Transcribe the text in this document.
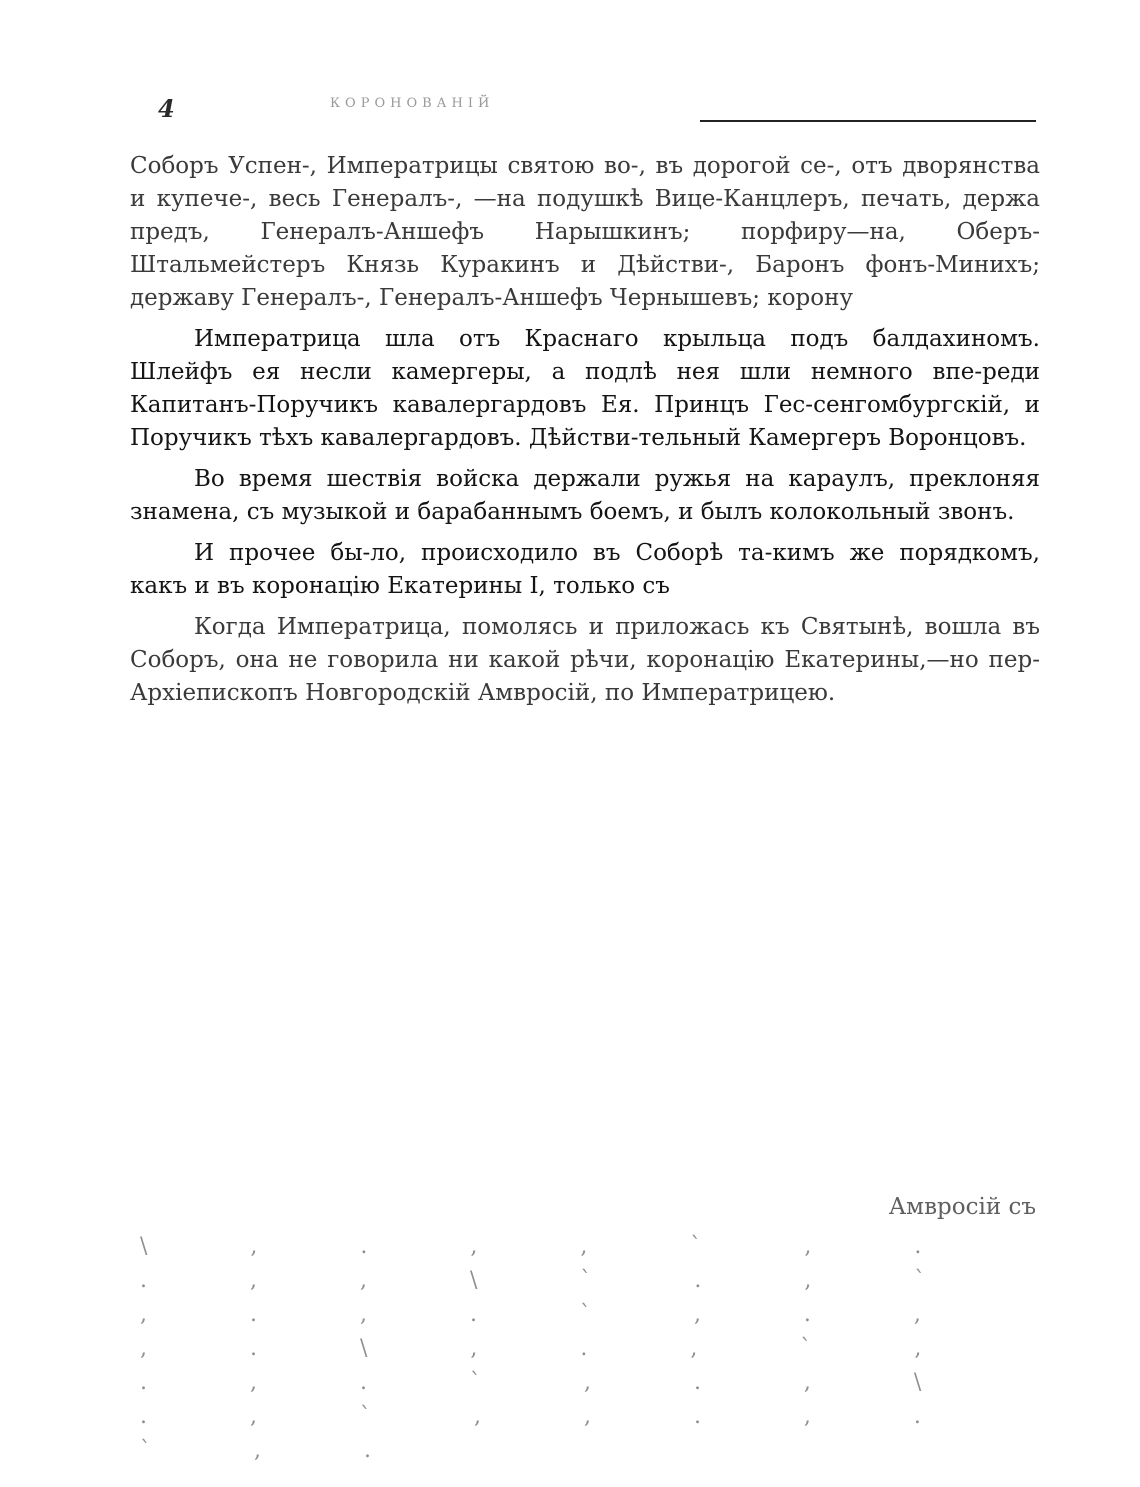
4	КОРОНОВАНІЙ

Соборъ Успен-, Императрицы святою во-, въ дорогой се-, отъ дворянства и купече-, весь Генералъ-, —на подушкѣ Вице-Канцлеръ, печать, держа предъ, Генералъ-Аншефъ Нарышкинъ; порфиру—на, Оберъ-Штальмейстеръ Князь Куракинъ и Дѣйстви-, Баронъ фонъ-Минихъ; державу Генералъ-, Генералъ-Аншефъ Чернышевъ; корону

Императрица шла отъ Краснаго крыльца подъ балдахиномъ. Шлейфъ ея несли камергеры, а подлѣ нея шли немного впе-реди Капитанъ-Поручикъ кавалергардовъ Ея. Принцъ Гес-сенгомбургскій, и Поручикъ тѣхъ кавалергардовъ. Дѣйстви-тельный Камергеръ Воронцовъ.

Во время шествія войска держали ружья на караулъ, преклоняя знамена, съ музыкой и барабаннымъ боемъ, и былъ колокольный звонъ.

И прочее бы-ло, происходило въ Соборѣ та-кимъ же порядкомъ, какъ и въ коронацію Екатерины I, только съ

Когда Императрица, помолясь и приложась къ Святынѣ, вошла въ Соборъ, она не говорила ни какой рѣчи, коронацію Екатерины,—но пер-Архіепископъ Новгородскій Амвросій, по Императрицею.

Амвросій съ
\ , . , , ` , . . , , \ ` . , ` , . , . ` , . , , . \ , . , ` , . , . ` , . , \ . , ` , , . , . ` , .
